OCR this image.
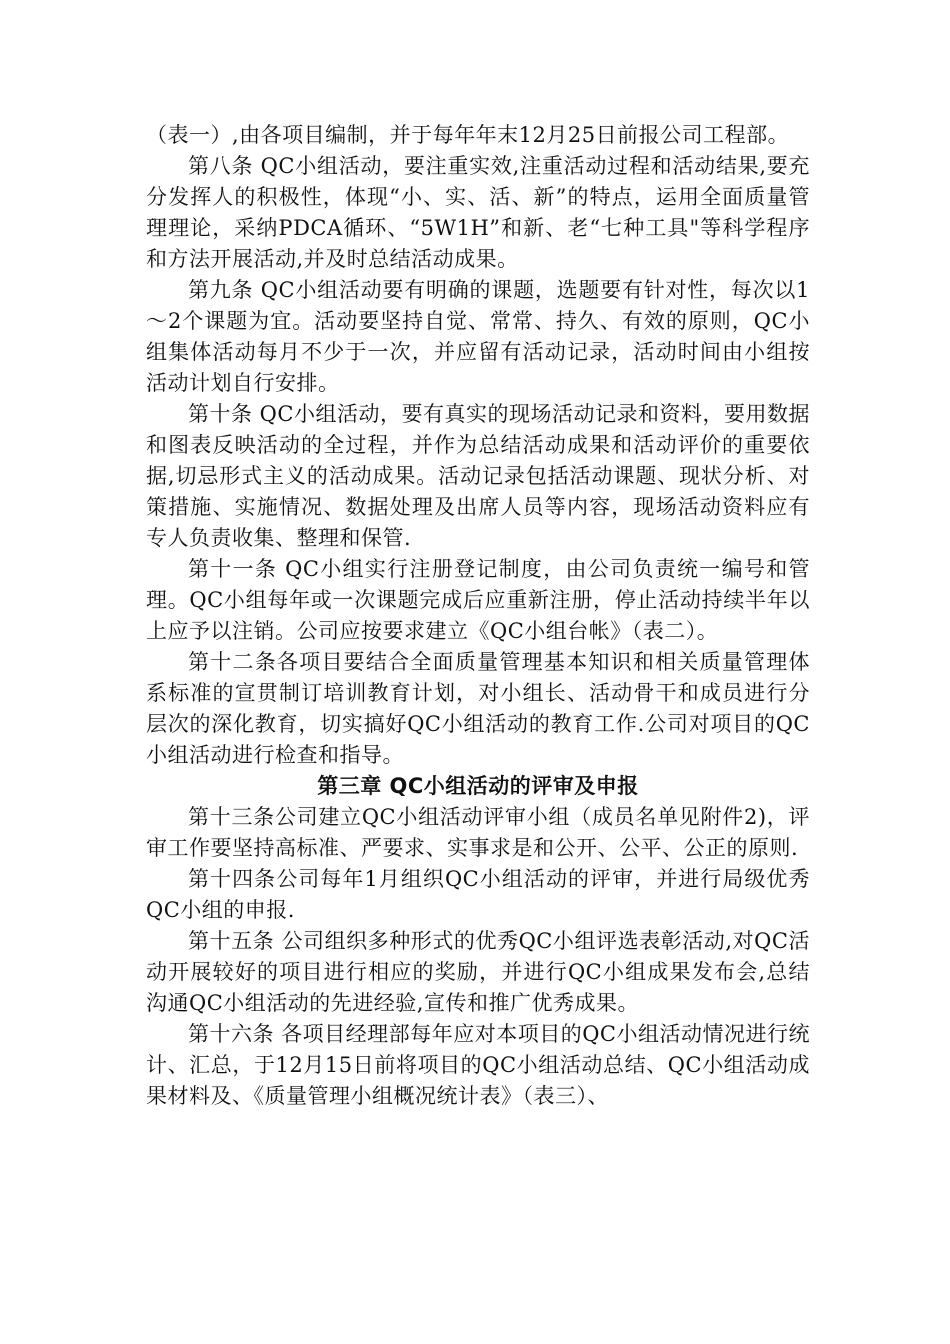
（表一）,由各项目编制，并于每年年末12月25日前报公司工程部。

第八条 QC小组活动，要注重实效,注重活动过程和活动结果,要充分发挥人的积极性，体现“小、实、活、新”的特点，运用全面质量管理理论，采纳PDCA循环、“5W1H”和新、老“七种工具"等科学程序和方法开展活动,并及时总结活动成果。

第九条 QC小组活动要有明确的课题，选题要有针对性，每次以1～2个课题为宜。活动要坚持自觉、常常、持久、有效的原则，QC小组集体活动每月不少于一次，并应留有活动记录，活动时间由小组按活动计划自行安排。

第十条 QC小组活动，要有真实的现场活动记录和资料，要用数据和图表反映活动的全过程，并作为总结活动成果和活动评价的重要依据,切忌形式主义的活动成果。活动记录包括活动课题、现状分析、对策措施、实施情况、数据处理及出席人员等内容，现场活动资料应有专人负责收集、整理和保管.

第十一条 QC小组实行注册登记制度，由公司负责统一编号和管理。QC小组每年或一次课题完成后应重新注册，停止活动持续半年以上应予以注销。公司应按要求建立《QC小组台帐》（表二）。

第十二条各项目要结合全面质量管理基本知识和相关质量管理体系标准的宣贯制订培训教育计划，对小组长、活动骨干和成员进行分层次的深化教育，切实搞好QC小组活动的教育工作.公司对项目的QC小组活动进行检查和指导。

第三章 QC小组活动的评审及申报

第十三条公司建立QC小组活动评审小组（成员名单见附件2)，评审工作要坚持高标准、严要求、实事求是和公开、公平、公正的原则.

第十四条公司每年1月组织QC小组活动的评审，并进行局级优秀QC小组的申报.

第十五条 公司组织多种形式的优秀QC小组评选表彰活动,对QC活动开展较好的项目进行相应的奖励，并进行QC小组成果发布会,总结沟通QC小组活动的先进经验,宣传和推广优秀成果。

第十六条 各项目经理部每年应对本项目的QC小组活动情况进行统计、汇总，于12月15日前将项目的QC小组活动总结、QC小组活动成果材料及、《质量管理小组概况统计表》（表三）、
